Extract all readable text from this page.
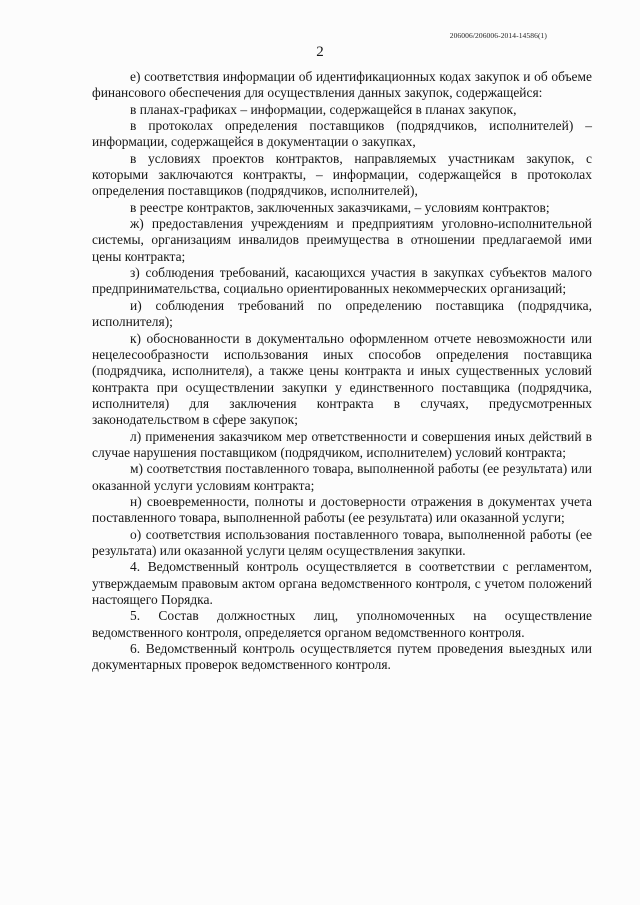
206006/206006-2014-14586(1)
2

е) соответствия информации об идентификационных кодах закупок и об объеме финансового обеспечения для осуществления данных закупок, содержащейся:

в планах-графиках – информации, содержащейся в планах закупок,

в протоколах определения поставщиков (подрядчиков, исполнителей) – информации, содержащейся в документации о закупках,

в условиях проектов контрактов, направляемых участникам закупок, с которыми заключаются контракты, – информации, содержащейся в протоколах определения поставщиков (подрядчиков, исполнителей),

в реестре контрактов, заключенных заказчиками, – условиям контрактов;

ж) предоставления учреждениям и предприятиям уголовно-исполнительной системы, организациям инвалидов преимущества в отношении предлагаемой ими цены контракта;

з) соблюдения требований, касающихся участия в закупках субъектов малого предпринимательства, социально ориентированных некоммерческих организаций;

и) соблюдения требований по определению поставщика (подрядчика, исполнителя);

к) обоснованности в документально оформленном отчете невозможности или нецелесообразности использования иных способов определения поставщика (подрядчика, исполнителя), а также цены контракта и иных существенных условий контракта при осуществлении закупки у единственного поставщика (подрядчика, исполнителя) для заключения контракта в случаях, предусмотренных законодательством в сфере закупок;

л) применения заказчиком мер ответственности и совершения иных действий в случае нарушения поставщиком (подрядчиком, исполнителем) условий контракта;

м) соответствия поставленного товара, выполненной работы (ее результата) или оказанной услуги условиям контракта;

н) своевременности, полноты и достоверности отражения в документах учета поставленного товара, выполненной работы (ее результата) или оказанной услуги;

о) соответствия использования поставленного товара, выполненной работы (ее результата) или оказанной услуги целям осуществления закупки.

4. Ведомственный контроль осуществляется в соответствии с регламентом, утверждаемым правовым актом органа ведомственного контроля, с учетом положений настоящего Порядка.

5. Состав должностных лиц, уполномоченных на осуществление ведомственного контроля, определяется органом ведомственного контроля.

6. Ведомственный контроль осуществляется путем проведения выездных или документарных проверок ведомственного контроля.
